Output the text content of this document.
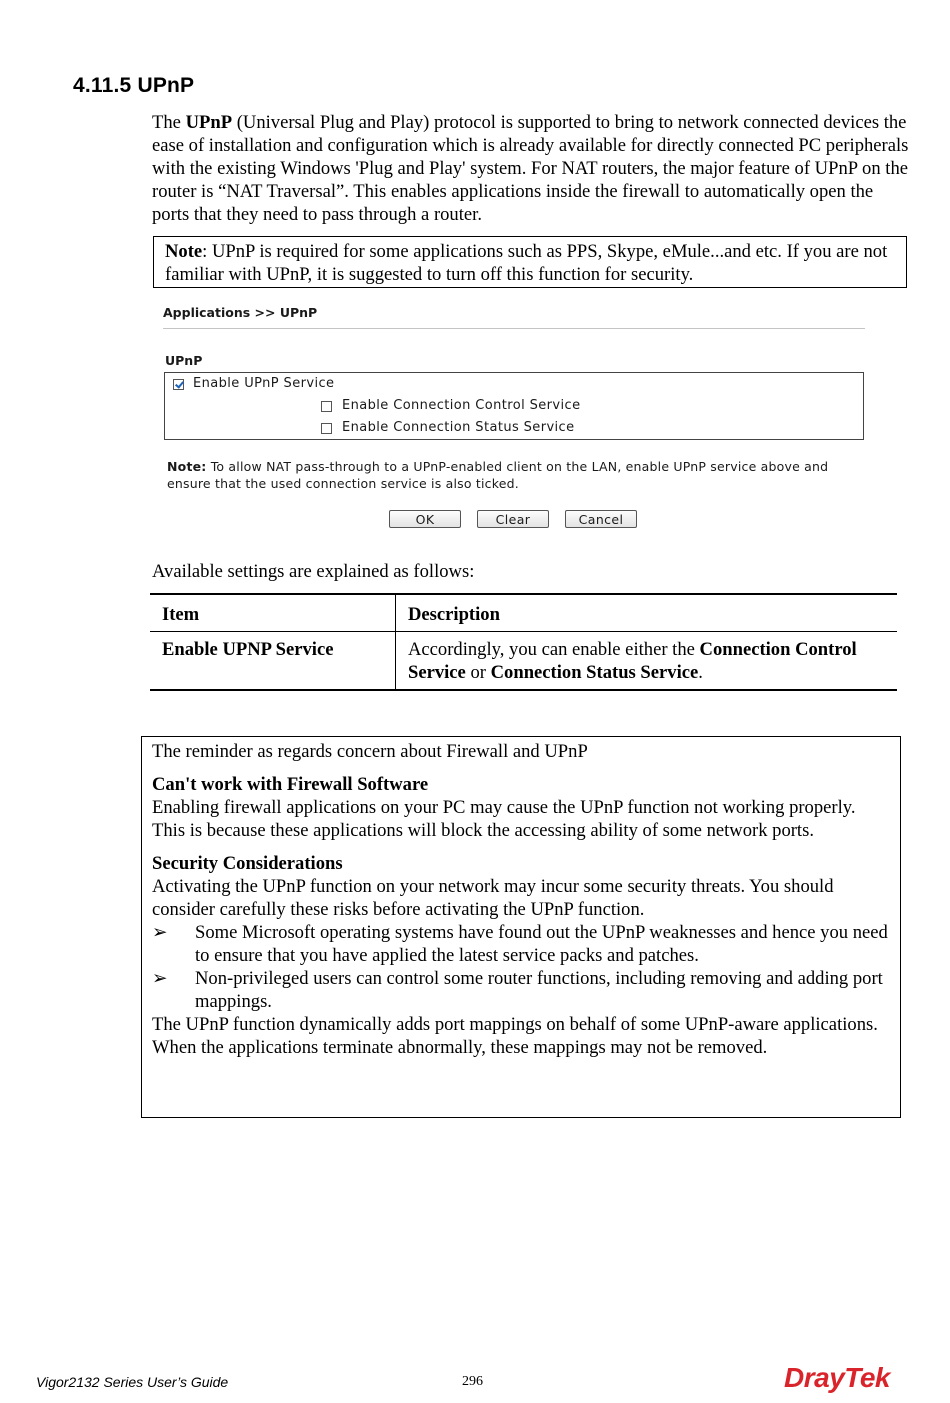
4.11.5 UPnP

The UPnP (Universal Plug and Play) protocol is supported to bring to network connected devices the ease of installation and configuration which is already available for directly connected PC peripherals with the existing Windows 'Plug and Play' system. For NAT routers, the major feature of UPnP on the router is “NAT Traversal”. This enables applications inside the firewall to automatically open the ports that they need to pass through a router.

Note: UPnP is required for some applications such as PPS, Skype, eMule...and etc. If you are not familiar with UPnP, it is suggested to turn off this function for security.

Applications >> UPnP
UPnP
Enable UPnP Service
Enable Connection Control Service
Enable Connection Status Service
Note: To allow NAT pass-through to a UPnP-enabled client on the LAN, enable UPnP service above and ensure that the used connection service is also ticked.
OK	Clear	Cancel
Available settings are explained as follows:
Item	Description
Enable UPNP Service	Accordingly, you can enable either the Connection Control Service or Connection Status Service.

The reminder as regards concern about Firewall and UPnP

Can't work with Firewall Software

Enabling firewall applications on your PC may cause the UPnP function not working properly. This is because these applications will block the accessing ability of some network ports.

Security Considerations

Activating the UPnP function on your network may incur some security threats. You should consider carefully these risks before activating the UPnP function.

➢ Some Microsoft operating systems have found out the UPnP weaknesses and hence you need to ensure that you have applied the latest service packs and patches.
➢ Non-privileged users can control some router functions, including removing and adding port mappings.

The UPnP function dynamically adds port mappings on behalf of some UPnP-aware applications. When the applications terminate abnormally, these mappings may not be removed.

Vigor2132 Series User’s Guide	296	DrayTek
